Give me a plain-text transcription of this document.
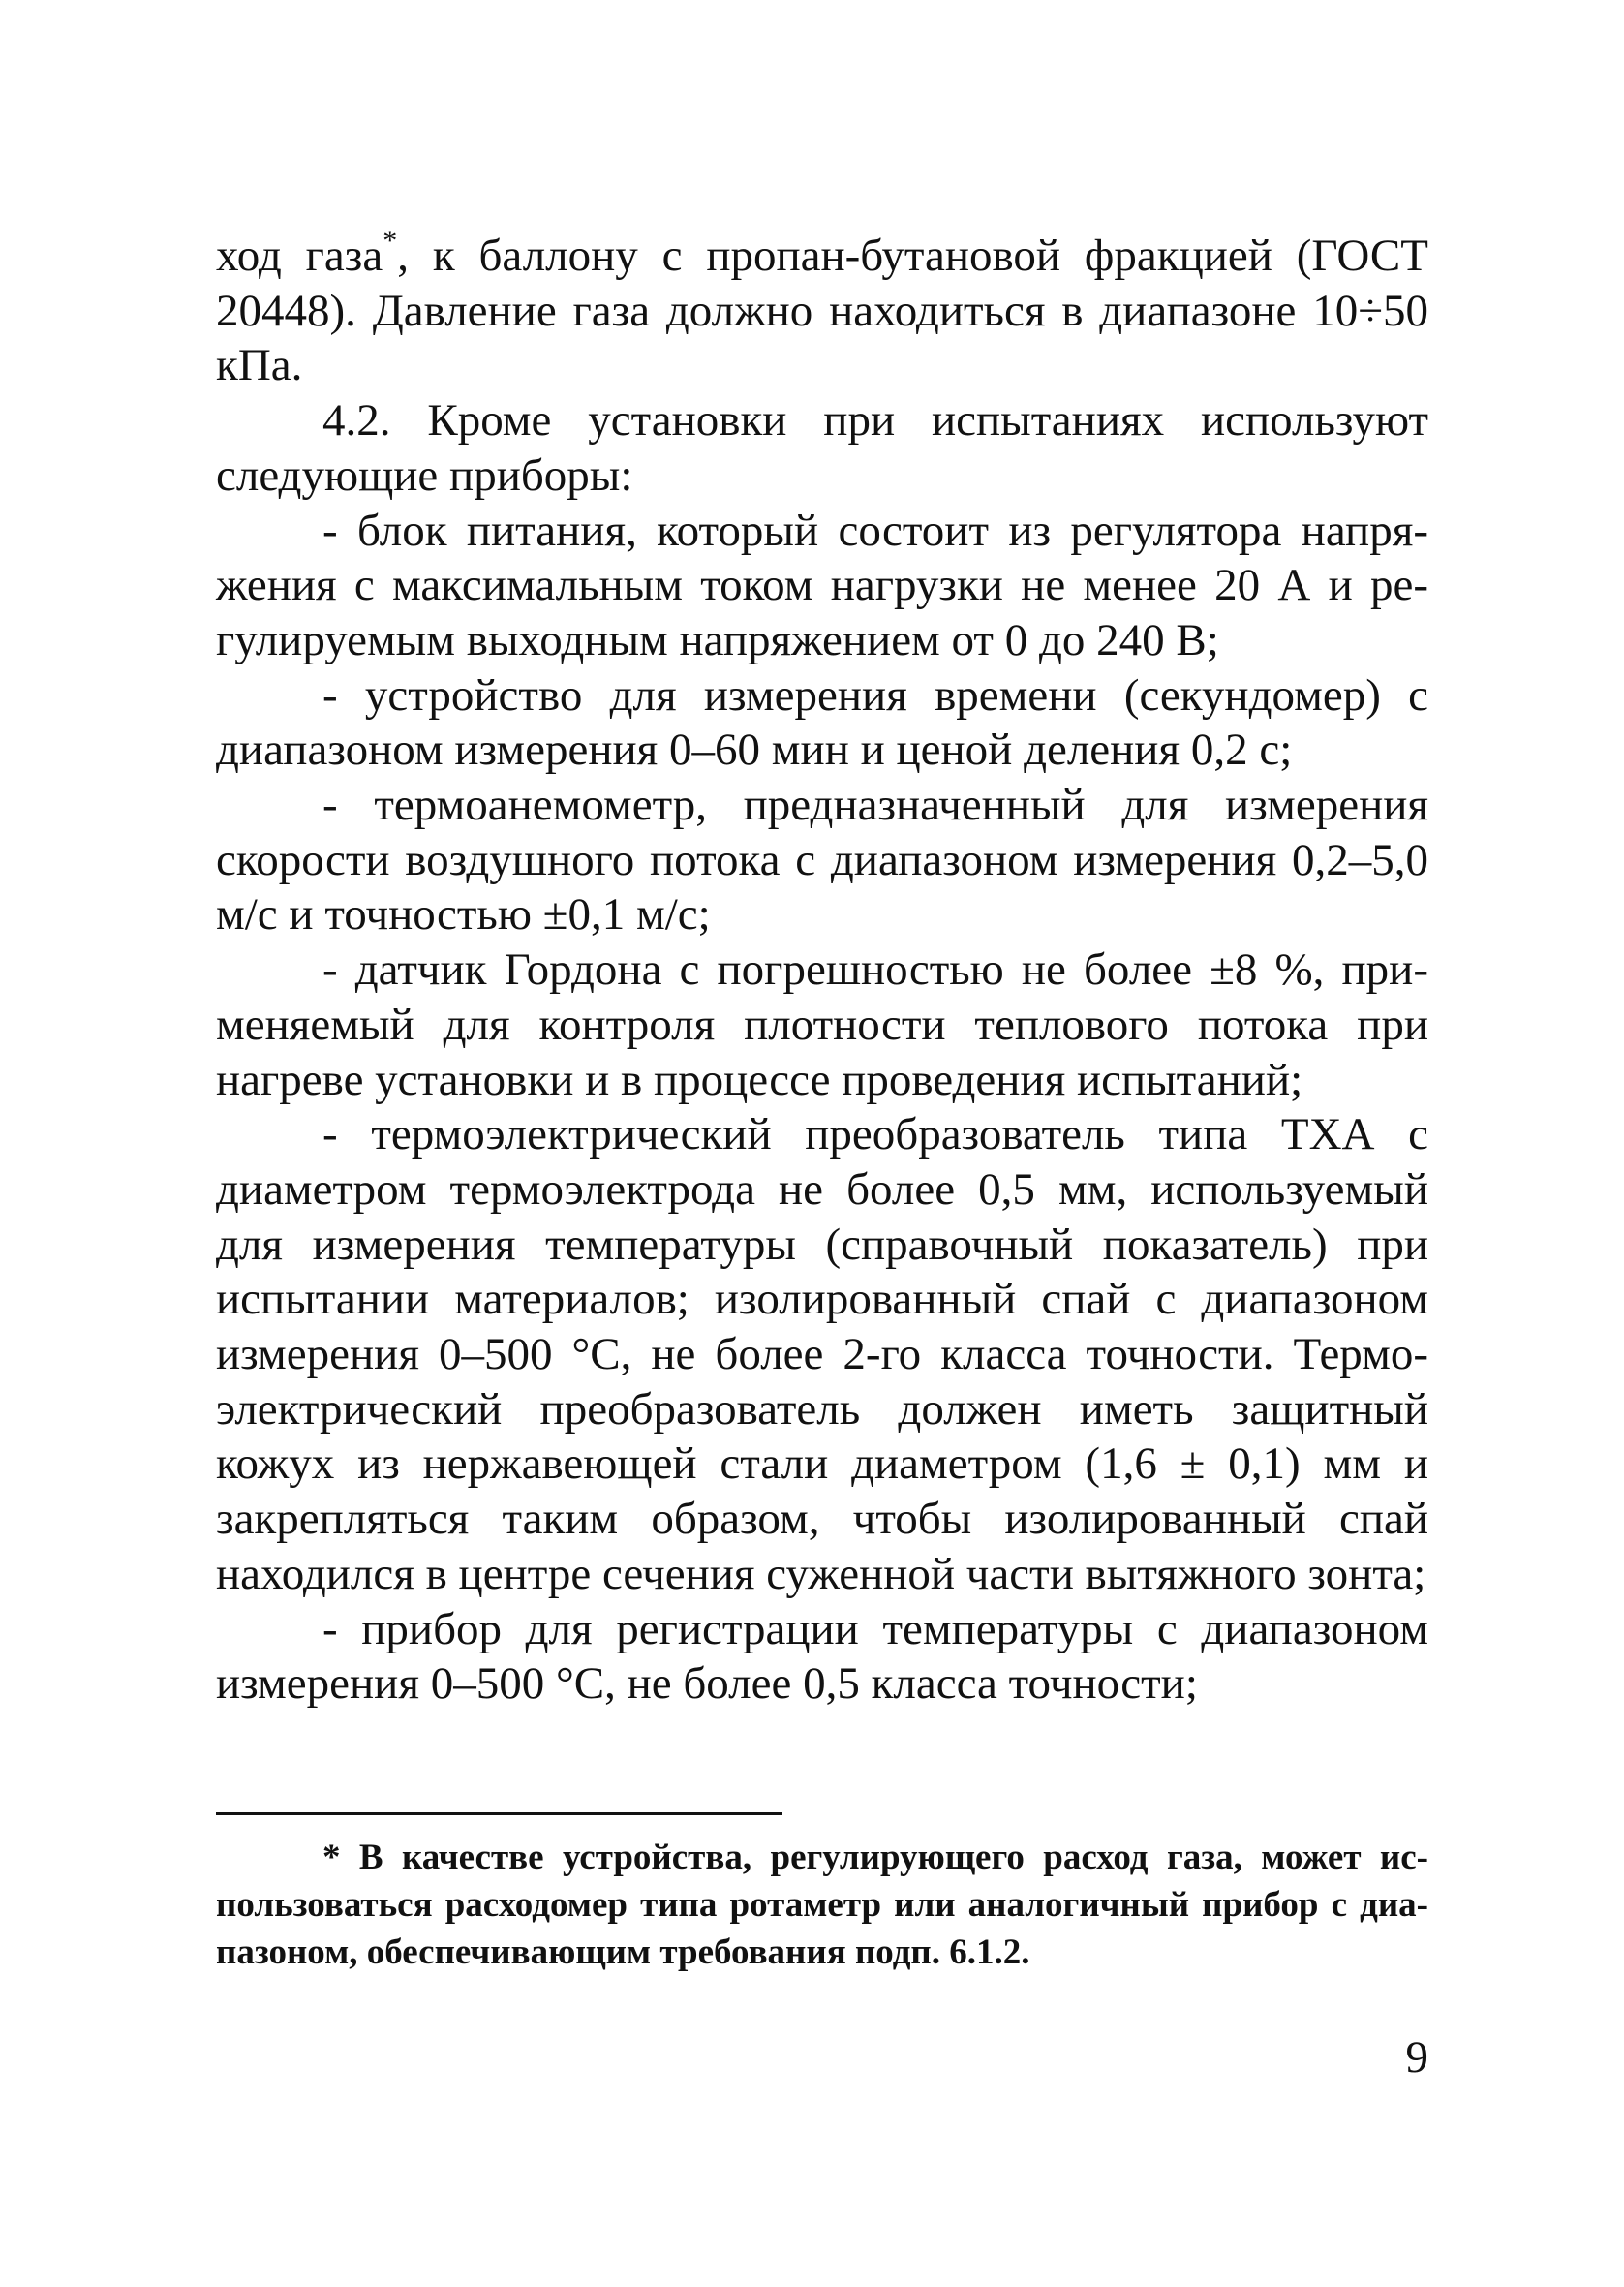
ход газа*, к баллону с пропан-бутановой фракцией (ГОСТ 20448). Давление газа должно находиться в диапазоне 10÷50 кПа.

4.2. Кроме установки при испытаниях используют следующие приборы:

- блок питания, который состоит из регулятора напряжения с максимальным током нагрузки не менее 20 А и регулируемым выходным напряжением от 0 до 240 В;

- устройство для измерения времени (секундомер) с диапазоном измерения 0–60 мин и ценой деления 0,2 с;

- термоанемометр, предназначенный для измерения скорости воздушного потока с диапазоном измерения 0,2–5,0 м/с и точностью ±0,1 м/с;

- датчик Гордона с погрешностью не более ±8 %, применяемый для контроля плотности теплового потока при нагреве установки и в процессе проведения испытаний;

- термоэлектрический преобразователь типа ТХА с диаметром термоэлектрода не более 0,5 мм, используемый для измерения температуры (справочный показатель) при испытании материалов; изолированный спай с диапазоном измерения 0–500 °С, не более 2-го класса точности. Термоэлектрический преобразователь должен иметь защитный кожух из нержавеющей стали диаметром (1,6 ± 0,1) мм и закрепляться таким образом, чтобы изолированный спай находился в центре сечения суженной части вытяжного зонта;

- прибор для регистрации температуры с диапазоном измерения 0–500 °С, не более 0,5 класса точности;

* В качестве устройства, регулирующего расход газа, может использоваться расходомер типа ротаметр или аналогичный прибор с диапазоном, обеспечивающим требования подп. 6.1.2.

9
